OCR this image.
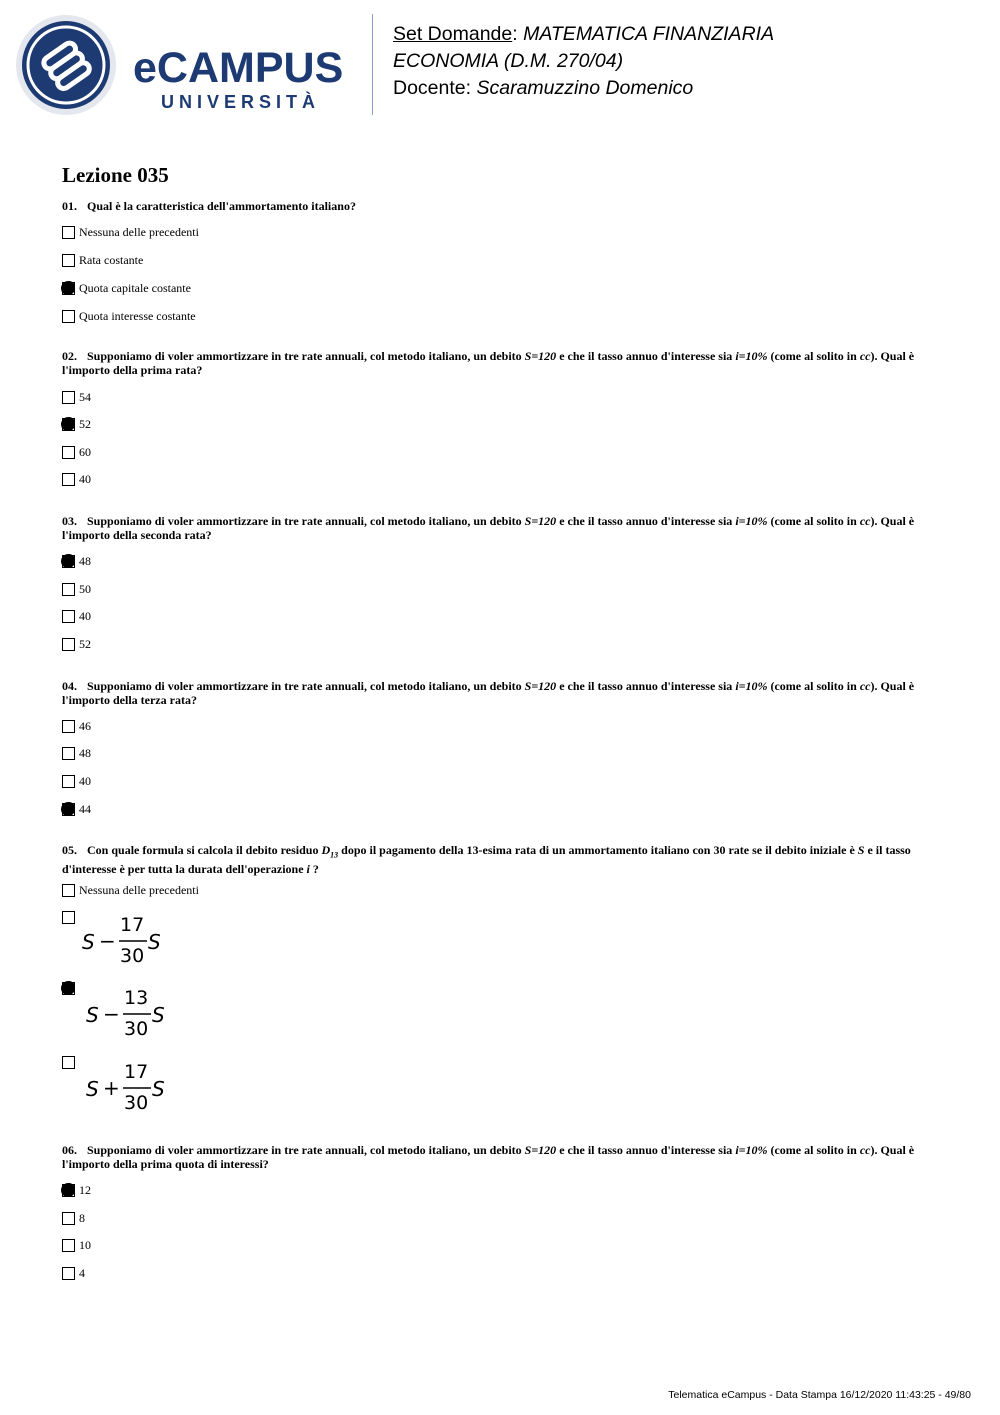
eCAMPUS
UNIVERSITÀ
Set Domande: MATEMATICA FINANZIARIA
ECONOMIA (D.M. 270/04)
Docente: Scaramuzzino Domenico
Lezione 035
01. Qual è la caratteristica dell'ammortamento italiano?
Nessuna delle precedenti
Rata costante
Quota capitale costante
Quota interesse costante
02. Supponiamo di voler ammortizzare in tre rate annuali, col metodo italiano, un debito S=120 e che il tasso annuo d'interesse sia i=10% (come al solito in cc). Qual è l'importo della prima rata?
54
52
60
40
03. Supponiamo di voler ammortizzare in tre rate annuali, col metodo italiano, un debito S=120 e che il tasso annuo d'interesse sia i=10% (come al solito in cc). Qual è l'importo della seconda rata?
48
50
40
52
04. Supponiamo di voler ammortizzare in tre rate annuali, col metodo italiano, un debito S=120 e che il tasso annuo d'interesse sia i=10% (come al solito in cc). Qual è l'importo della terza rata?
46
48
40
44
05. Con quale formula si calcola il debito residuo $D_{13}$ dopo il pagamento della 13-esima rata di un ammortamento italiano con 30 rate se il debito iniziale è S e il tasso d'interesse è per tutta la durata dell'operazione i ?
Nessuna delle precedenti
S −
17
30
S
S −
13
30
S
S +
17
30
S
06. Supponiamo di voler ammortizzare in tre rate annuali, col metodo italiano, un debito S=120 e che il tasso annuo d'interesse sia i=10% (come al solito in cc). Qual è l'importo della prima quota di interessi?
12
8
10
4
Telematica eCampus - Data Stampa 16/12/2020 11:43:25 - 49/80
